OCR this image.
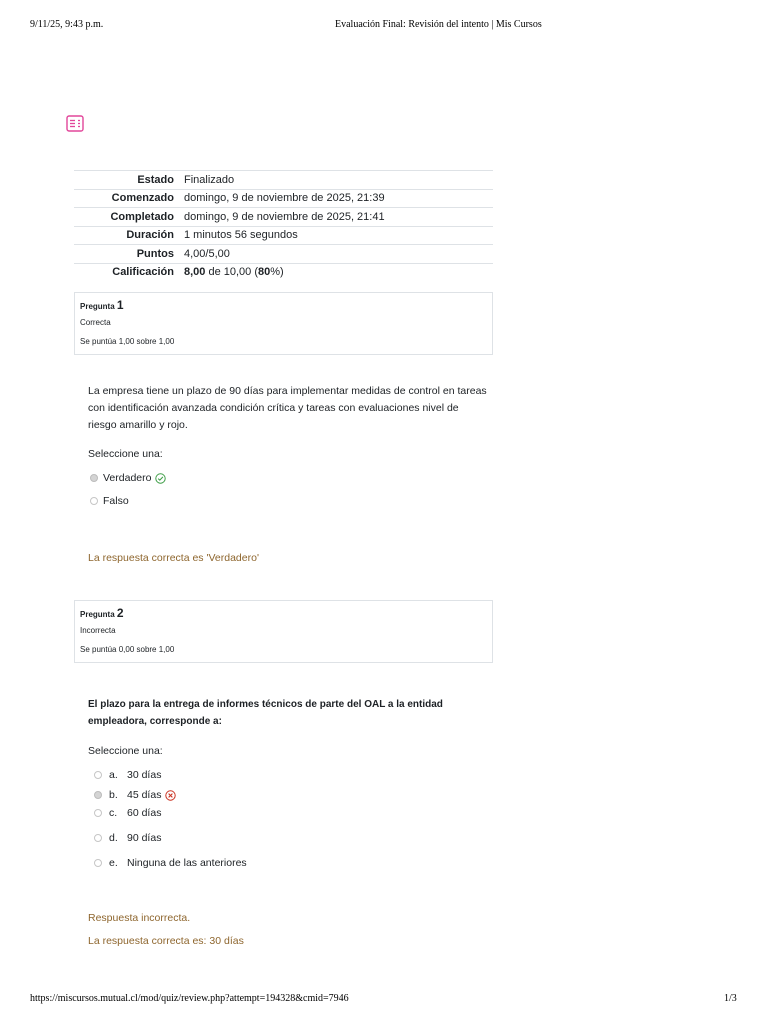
9/11/25, 9:43 p.m.	Evaluación Final: Revisión del intento | Mis Cursos
Estado	Finalizado
Comenzado	domingo, 9 de noviembre de 2025, 21:39
Completado	domingo, 9 de noviembre de 2025, 21:41
Duración	1 minutos 56 segundos
Puntos	4,00/5,00
Calificación	8,00 de 10,00 (80%)
Pregunta 1
Correcta
Se puntúa 1,00 sobre 1,00
La empresa tiene un plazo de 90 días para implementar medidas de control en tareas con identificación avanzada condición crítica y tareas con evaluaciones nivel de riesgo amarillo y rojo.
Seleccione una:
Verdadero
Falso
La respuesta correcta es 'Verdadero'
Pregunta 2
Incorrecta
Se puntúa 0,00 sobre 1,00
El plazo para la entrega de informes técnicos de parte del OAL a la entidad empleadora, corresponde a:
Seleccione una:
a. 30 días
b. 45 días
c. 60 días
d. 90 días
e. Ninguna de las anteriores
Respuesta incorrecta.
La respuesta correcta es: 30 días
https://miscursos.mutual.cl/mod/quiz/review.php?attempt=194328&cmid=7946	1/3
